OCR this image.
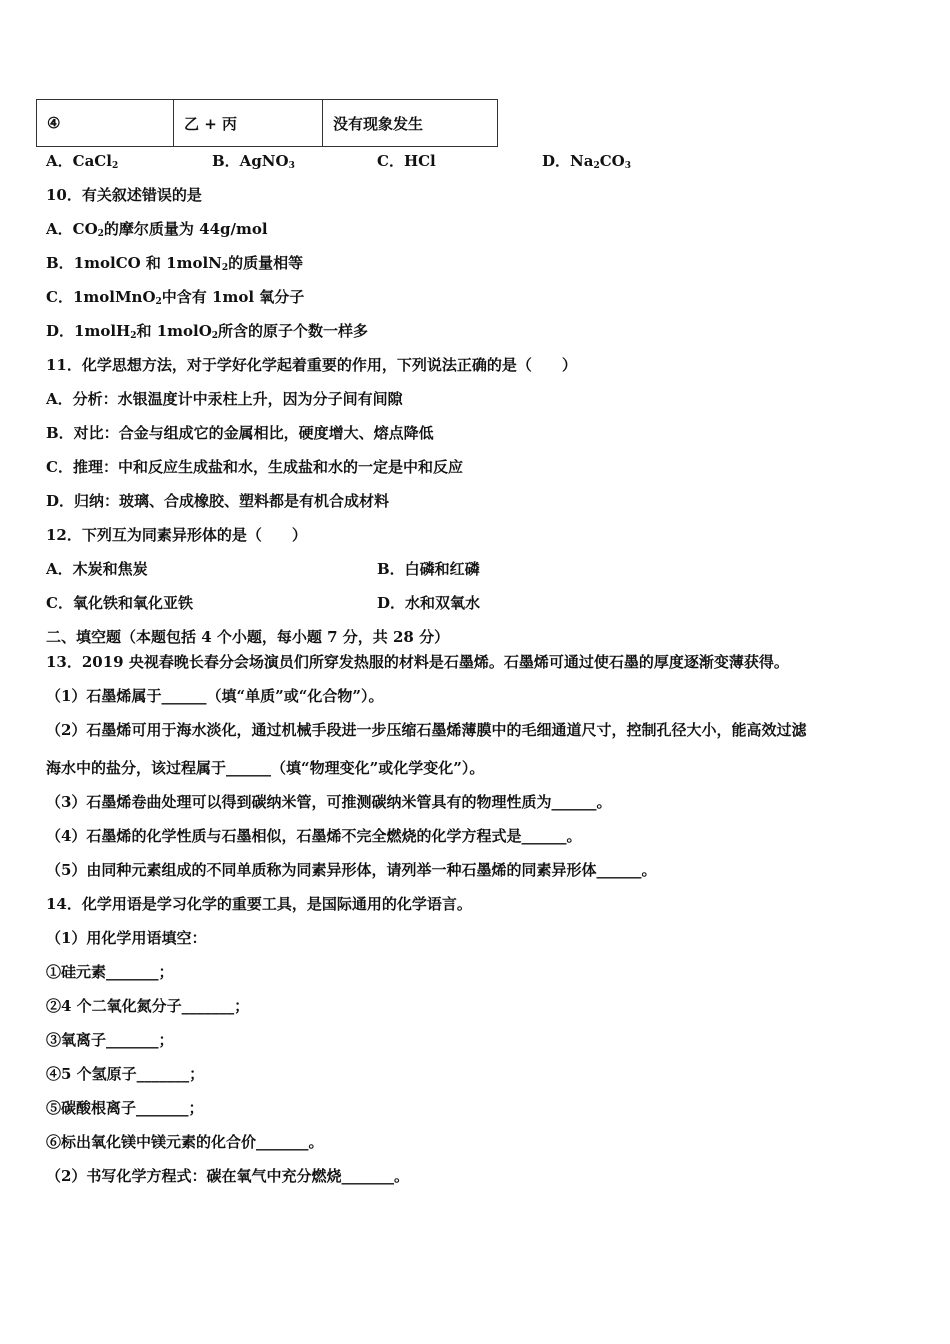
④	乙 + 丙	没有现象发生
A．CaCl$_2$	B．AgNO$_3$	C．HCl	D．$Na_2CO_3$
10．有关叙述错误的是
A．$CO_2$的摩尔质量为 44g/mol
B．1molCO 和 1molN$_2$的质量相等
C．1molMnO$_2$中含有 1mol 氧分子
D．1molH$_2$和 1molO$_2$所含的原子个数一样多
11．化学思想方法，对于学好化学起着重要的作用，下列说法正确的是（　　）
A．分析：水银温度计中汞柱上升，因为分子间有间隙
B．对比：合金与组成它的金属相比，硬度增大、熔点降低
C．推理：中和反应生成盐和水，生成盐和水的一定是中和反应
D．归纳：玻璃、合成橡胶、塑料都是有机合成材料
12．下列互为同素异形体的是（　　）
A．木炭和焦炭	B．白磷和红磷
C．氧化铁和氧化亚铁	D．水和双氧水
二、填空题（本题包括 4 个小题，每小题 7 分，共 28 分）
13．2019 央视春晚长春分会场演员们所穿发热服的材料是石墨烯。石墨烯可通过使石墨的厚度逐渐变薄获得。
（1）石墨烯属于______（填“单质”或“化合物”）。
（2）石墨烯可用于海水淡化，通过机械手段进一步压缩石墨烯薄膜中的毛细通道尺寸，控制孔径大小，能高效过滤
海水中的盐分，该过程属于______（填“物理变化”或化学变化”）。
（3）石墨烯卷曲处理可以得到碳纳米管，可推测碳纳米管具有的物理性质为______。
（4）石墨烯的化学性质与石墨相似，石墨烯不完全燃烧的化学方程式是______。
（5）由同种元素组成的不同单质称为同素异形体，请列举一种石墨烯的同素异形体______。
14．化学用语是学习化学的重要工具，是国际通用的化学语言。
（1）用化学用语填空：
①硅元素_______；
②4 个二氧化氮分子_______；
③氧离子_______；
④5 个氢原子_______；
⑤碳酸根离子_______；
⑥标出氧化镁中镁元素的化合价_______。
（2）书写化学方程式：碳在氧气中充分燃烧_______。
